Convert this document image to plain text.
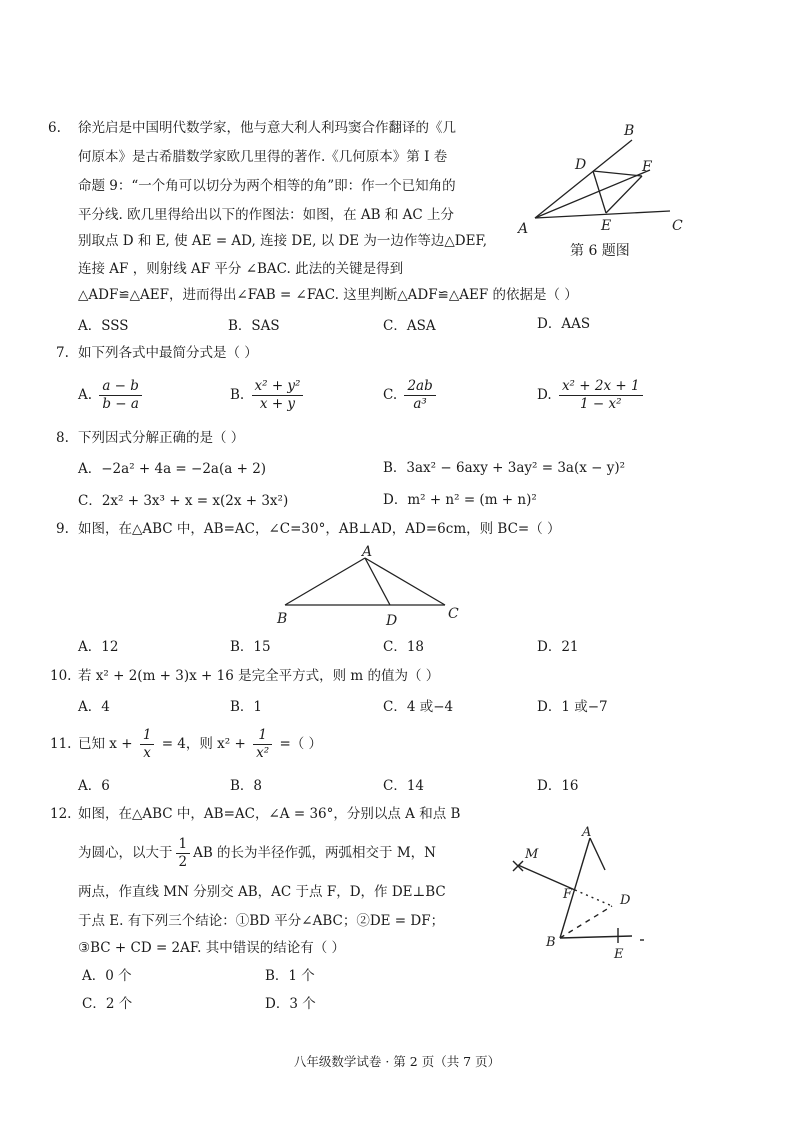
6. 徐光启是中国明代数学家，他与意大利人利玛窦合作翻译的《几
何原本》是古希腊数学家欧几里得的著作.《几何原本》第 I 卷
命题 9：“一个角可以切分为两个相等的角”即：作一个已知角的
平分线. 欧几里得给出以下的作图法：如图，在 AB 和 AC 上分
别取点 D 和 E, 使 AE = AD, 连接 DE, 以 DE 为一边作等边△DEF,
连接 AF ，则射线 AF 平分 ∠BAC. 此法的关键是得到
△ADF≌△AEF，进而得出∠FAB = ∠FAC. 这里判断△ADF≌△AEF 的依据是（ ）
B
D	F
A	E	C
第 6 题图
A．SSS	B．SAS	C．ASA	D．AAS
7. 如下列各式中最简分式是（ ）
A. $\frac{a - b}{b - a}$	B. $\frac{\text{x² + y²}}{x + y}$	C. $\frac{2ab}{\text{a³}}$	D. $\frac{\text{x² + 2x + 1}}{\text{1 − x²}}$
8. 下列因式分解正确的是（ ）
A．−2a² + 4a = −2a(a + 2)	B．3ax² − 6axy + 3ay² = 3a(x − y)²
C．2x² + 3x³ + x = x(2x + 3x²)	D．m² + n² = (m + n)²
9. 如图，在△ABC 中，AB=AC，∠C=30°，AB⊥AD，AD=6cm，则 BC=（ ）
A
B	D	C
A．12	B．15	C．18	D．21
10. 若 x² + 2(m + 3)x + 16 是完全平方式，则 m 的值为（ ）
A．4	B．1	C．4 或−4	D．1 或−7
11. 已知 $x + \frac{1}{x} = 4$，则 $x^2 + \frac{1}{\text{x²}}$ =（ ）
A．6	B．8	C．14	D．16
12. 如图，在△ABC 中，AB=AC，∠A = 36°，分别以点 A 和点 B
为圆心，以大于 $\frac{1}{2}$ AB 的长为半径作弧，两弧相交于 M，N
两点，作直线 MN 分别交 AB，AC 于点 F，D，作 DE⊥BC
于点 E. 有下列三个结论：①BD 平分∠ABC；②DE = DF；
③BC + CD = 2AF. 其中错误的结论有（ ）
A．0 个	B．1 个
C．2 个	D．3 个
A
M
F	D
B
E
八年级数学试卷 · 第 2 页（共 7 页）
